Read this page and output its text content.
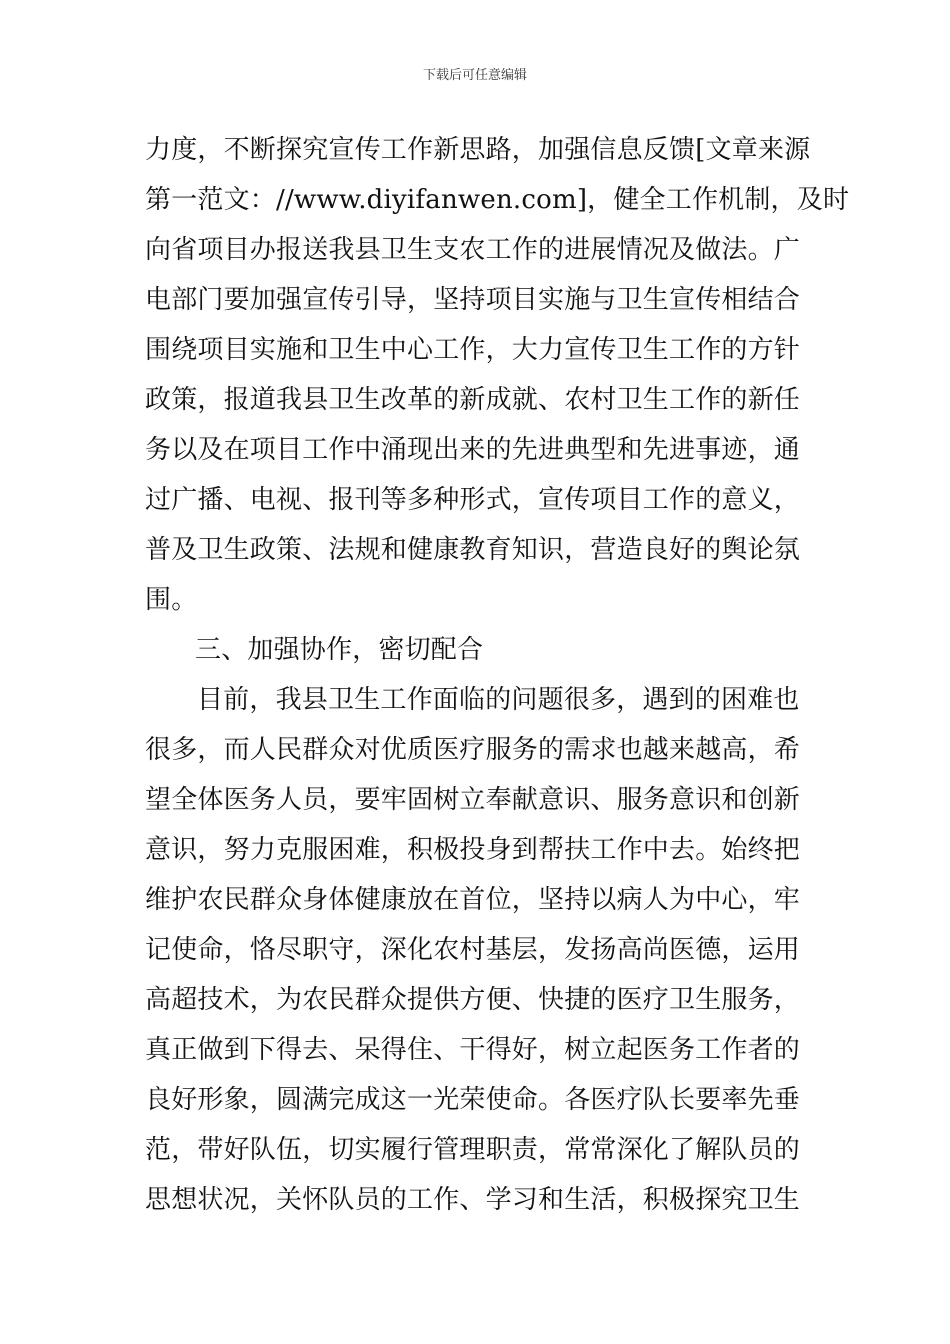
下载后可任意编辑
力度，不断探究宣传工作新思路，加强信息反馈[文章来源
第一范文：//www.diyifanwen.com]，健全工作机制，及时
向省项目办报送我县卫生支农工作的进展情况及做法。广
电部门要加强宣传引导，坚持项目实施与卫生宣传相结合
围绕项目实施和卫生中心工作，大力宣传卫生工作的方针
政策，报道我县卫生改革的新成就、农村卫生工作的新任
务以及在项目工作中涌现出来的先进典型和先进事迹，通
过广播、电视、报刊等多种形式，宣传项目工作的意义，
普及卫生政策、法规和健康教育知识，营造良好的舆论氛
围。
三、加强协作，密切配合
目前，我县卫生工作面临的问题很多，遇到的困难也
很多，而人民群众对优质医疗服务的需求也越来越高，希
望全体医务人员，要牢固树立奉献意识、服务意识和创新
意识，努力克服困难，积极投身到帮扶工作中去。始终把
维护农民群众身体健康放在首位，坚持以病人为中心，牢
记使命，恪尽职守，深化农村基层，发扬高尚医德，运用
高超技术，为农民群众提供方便、快捷的医疗卫生服务，
真正做到下得去、呆得住、干得好，树立起医务工作者的
良好形象，圆满完成这一光荣使命。各医疗队长要率先垂
范，带好队伍，切实履行管理职责，常常深化了解队员的
思想状况，关怀队员的工作、学习和生活，积极探究卫生
